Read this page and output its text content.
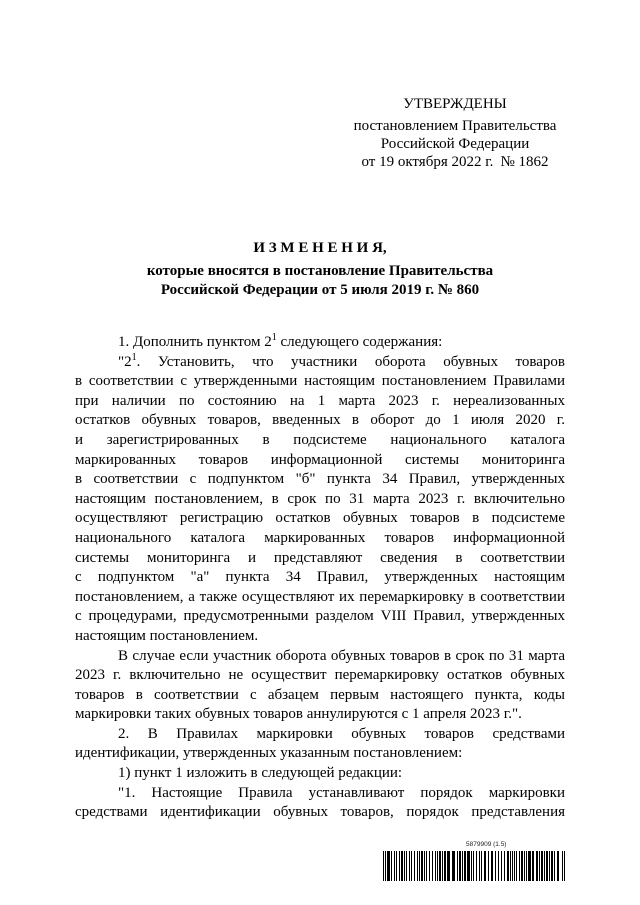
УТВЕРЖДЕНЫ
постановлением Правительства
Российской Федерации
от 19 октября 2022 г. № 1862
И З М Е Н Е Н И Я,
которые вносятся в постановление Правительства
Российской Федерации от 5 июля 2019 г. № 860
1. Дополнить пунктом $2^1$ следующего содержания:
"$2^1$. Установить, что участники оборота обувных товаров
в соответствии с утвержденными настоящим постановлением Правилами
при наличии по состоянию на 1 марта 2023 г. нереализованных
остатков обувных товаров, введенных в оборот до 1 июля 2020 г.
и зарегистрированных в подсистеме национального каталога
маркированных товаров информационной системы мониторинга
в соответствии с подпунктом "б" пункта 34 Правил, утвержденных
настоящим постановлением, в срок по 31 марта 2023 г. включительно
осуществляют регистрацию остатков обувных товаров в подсистеме
национального каталога маркированных товаров информационной
системы мониторинга и представляют сведения в соответствии
с подпунктом "а" пункта 34 Правил, утвержденных настоящим
постановлением, а также осуществляют их перемаркировку в соответствии
с процедурами, предусмотренными разделом VIII Правил, утвержденных
настоящим постановлением.
В случае если участник оборота обувных товаров в срок по 31 марта
2023 г. включительно не осуществит перемаркировку остатков обувных
товаров в соответствии с абзацем первым настоящего пункта, коды
маркировки таких обувных товаров аннулируются с 1 апреля 2023 г.".
2. В Правилах маркировки обувных товаров средствами
идентификации, утвержденных указанным постановлением:
1) пункт 1 изложить в следующей редакции:
"1. Настоящие Правила устанавливают порядок маркировки
средствами идентификации обувных товаров, порядок представления
5879909 (1.5)
